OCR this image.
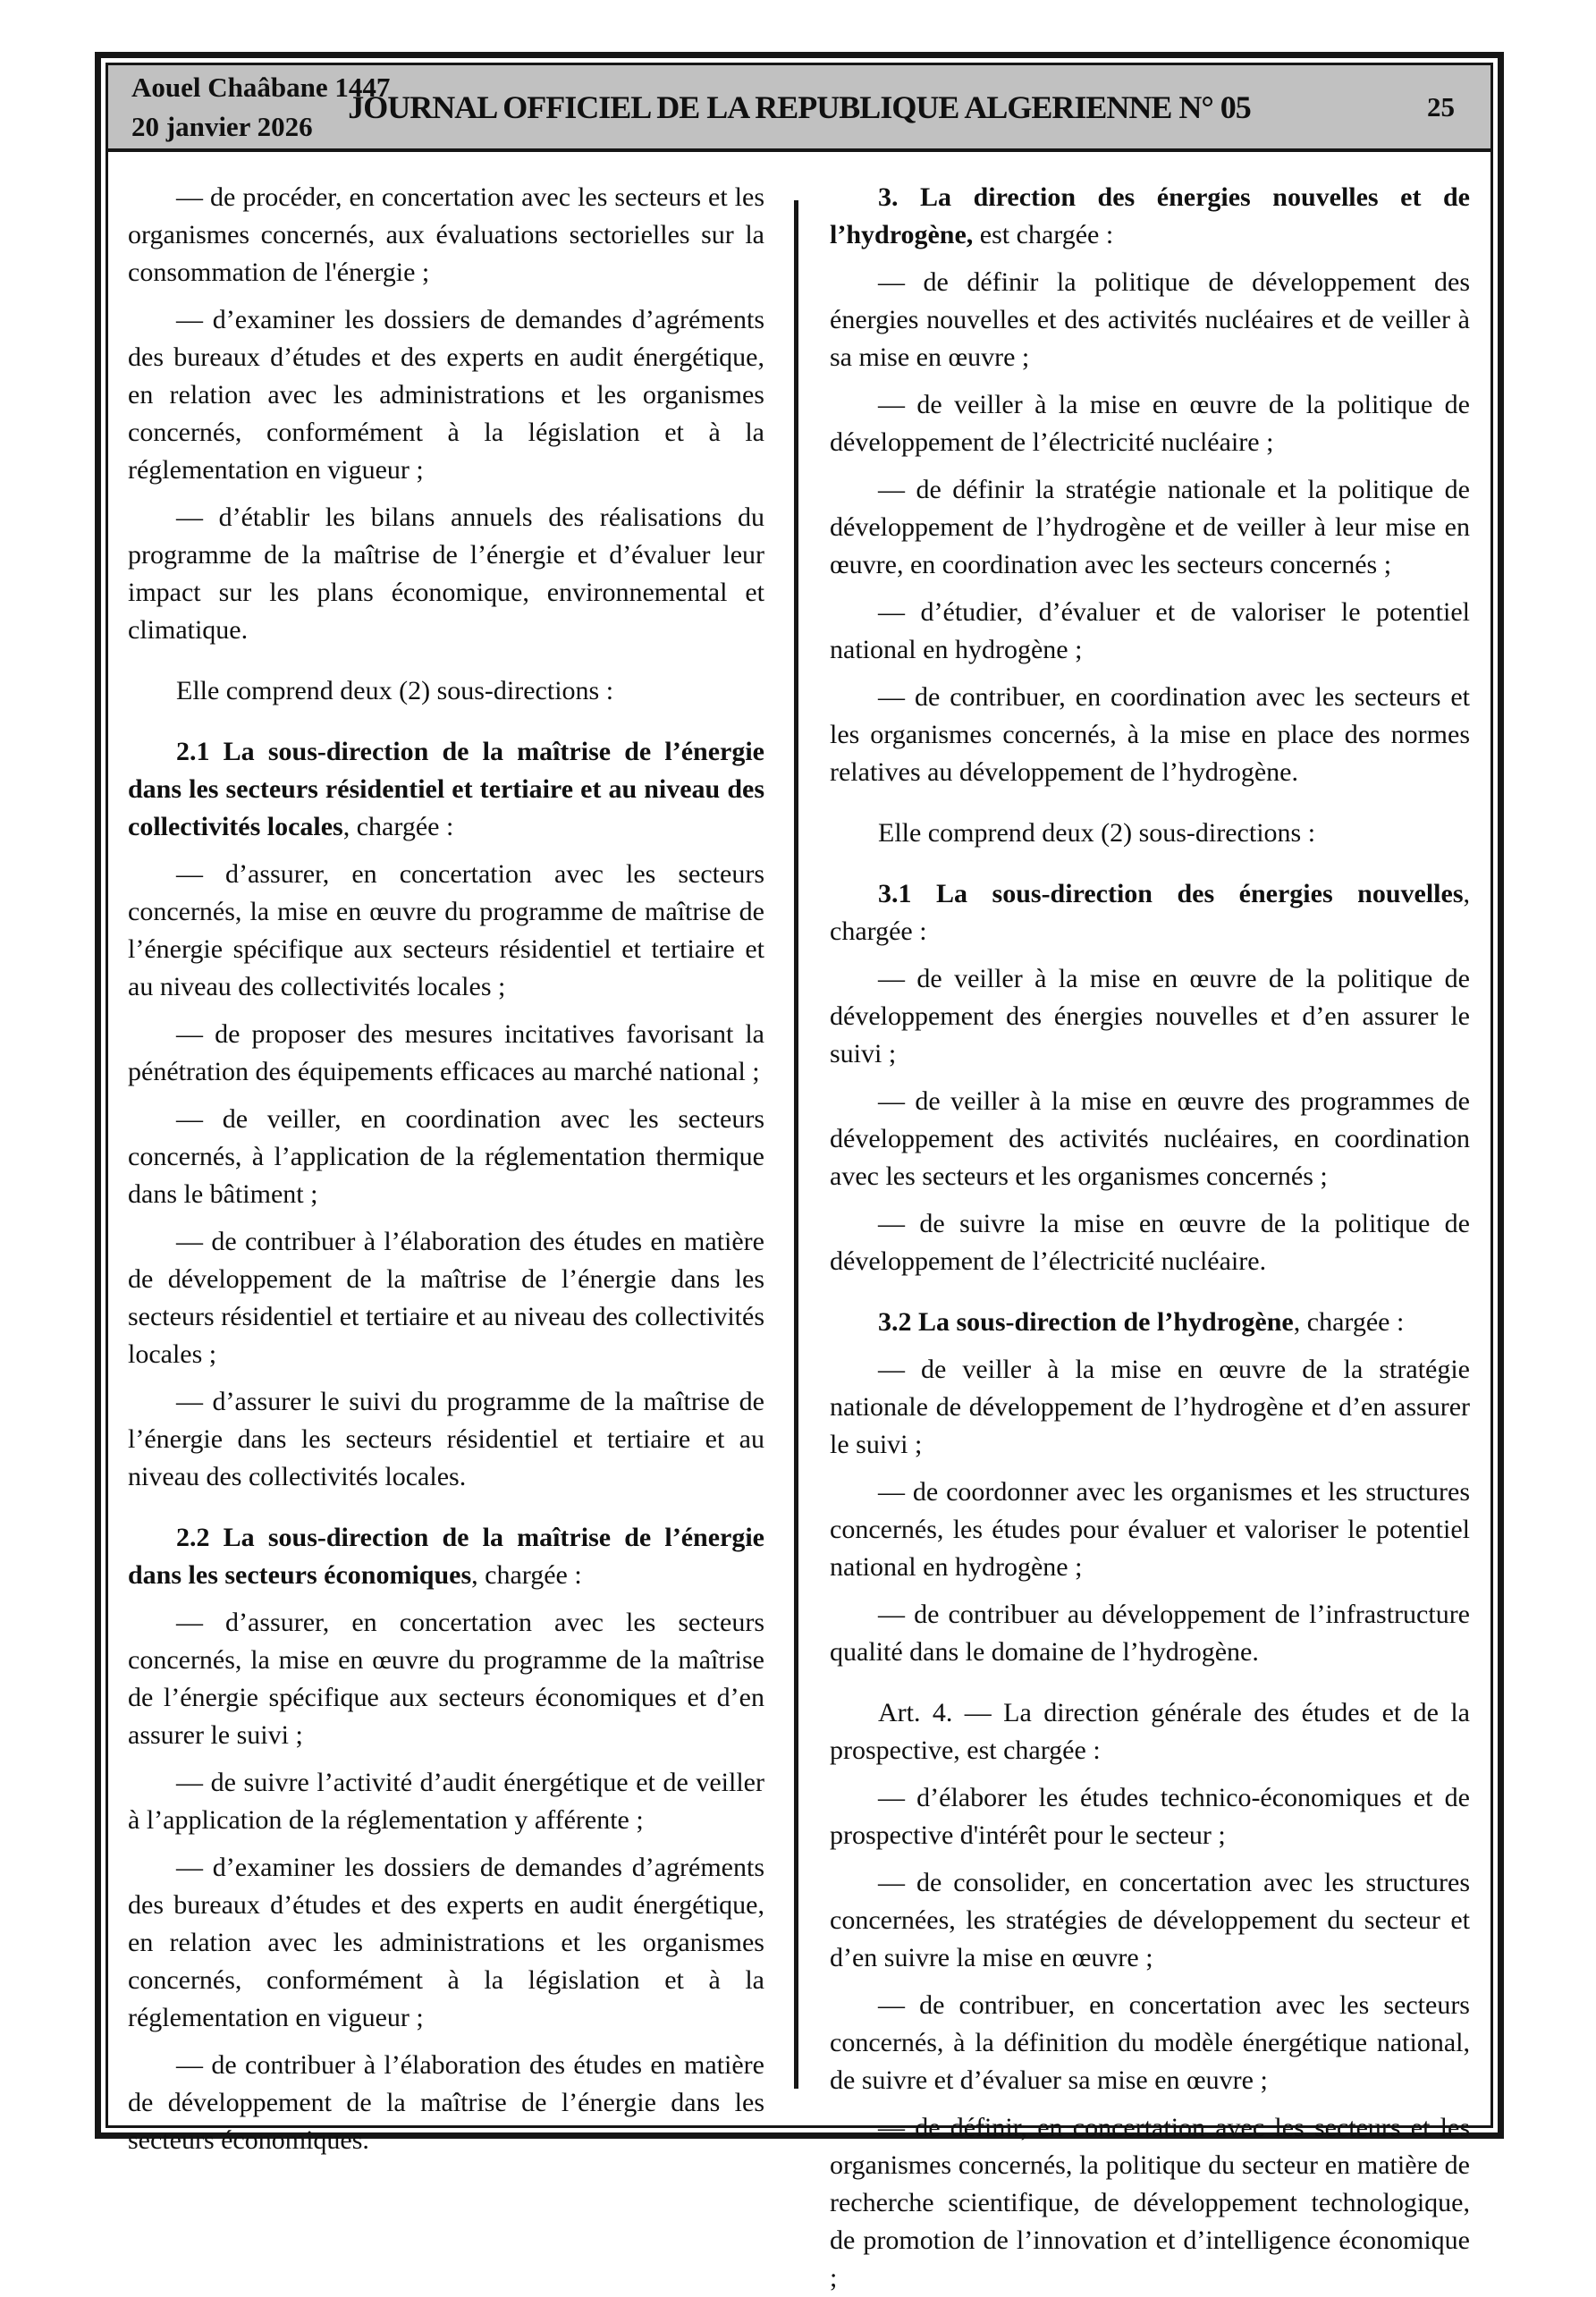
Aouel Chaâbane 1447
20 janvier 2026
JOURNAL OFFICIEL DE LA REPUBLIQUE ALGERIENNE N° 05	25

— de procéder, en concertation avec les secteurs et les organismes concernés, aux évaluations sectorielles sur la consommation de l'énergie ;

— d’examiner les dossiers de demandes d’agréments des bureaux d’études et des experts en audit énergétique, en relation avec les administrations et les organismes concernés, conformément à la législation et à la réglementation en vigueur ;

— d’établir les bilans annuels des réalisations du programme de la maîtrise de l’énergie et d’évaluer leur impact sur les plans économique, environnemental et climatique.

Elle comprend deux (2) sous-directions :

2.1 La sous-direction de la maîtrise de l’énergie dans les secteurs résidentiel et tertiaire et au niveau des collectivités locales, chargée :

— d’assurer, en concertation avec les secteurs concernés, la mise en œuvre du programme de maîtrise de l’énergie spécifique aux secteurs résidentiel et tertiaire et au niveau des collectivités locales ;

— de proposer des mesures incitatives favorisant la pénétration des équipements efficaces au marché national ;

— de veiller, en coordination avec les secteurs concernés, à l’application de la réglementation thermique dans le bâtiment ;

— de contribuer à l’élaboration des études en matière de développement de la maîtrise de l’énergie dans les secteurs résidentiel et tertiaire et au niveau des collectivités locales ;

— d’assurer le suivi du programme de la maîtrise de l’énergie dans les secteurs résidentiel et tertiaire et au niveau des collectivités locales.

2.2 La sous-direction de la maîtrise de l’énergie dans les secteurs économiques, chargée :

— d’assurer, en concertation avec les secteurs concernés, la mise en œuvre du programme de la maîtrise de l’énergie spécifique aux secteurs économiques et d’en assurer le suivi ;

— de suivre l’activité d’audit énergétique et de veiller à l’application de la réglementation y afférente ;

— d’examiner les dossiers de demandes d’agréments des bureaux d’études et des experts en audit énergétique, en relation avec les administrations et les organismes concernés, conformément à la législation et à la réglementation en vigueur ;

— de contribuer à l’élaboration des études en matière de développement de la maîtrise de l’énergie dans les secteurs économiques.

3. La direction des énergies nouvelles et de l’hydrogène, est chargée :

— de définir la politique de développement des énergies nouvelles et des activités nucléaires et de veiller à sa mise en œuvre ;

— de veiller à la mise en œuvre de la politique de développement de l’électricité nucléaire ;

— de définir la stratégie nationale et la politique de développement de l’hydrogène et de veiller à leur mise en œuvre, en coordination avec les secteurs concernés ;

— d’étudier, d’évaluer et de valoriser le potentiel national en hydrogène ;

— de contribuer, en coordination avec les secteurs et les organismes concernés, à la mise en place des normes relatives au développement de l’hydrogène.

Elle comprend deux (2) sous-directions :

3.1 La sous-direction des énergies nouvelles, chargée :

— de veiller à la mise en œuvre de la politique de développement des énergies nouvelles et d’en assurer le suivi ;

— de veiller à la mise en œuvre des programmes de développement des activités nucléaires, en coordination avec les secteurs et les organismes concernés ;

— de suivre la mise en œuvre de la politique de développement de l’électricité nucléaire.

3.2 La sous-direction de l’hydrogène, chargée :

— de veiller à la mise en œuvre de la stratégie nationale de développement de l’hydrogène et d’en assurer le suivi ;

— de coordonner avec les organismes et les structures concernés, les études pour évaluer et valoriser le potentiel national en hydrogène ;

— de contribuer au développement de l’infrastructure qualité dans le domaine de l’hydrogène.

Art. 4. — La direction générale des études et de la prospective, est chargée :

— d’élaborer les études technico-économiques et de prospective d'intérêt pour le secteur ;

— de consolider, en concertation avec les structures concernées, les stratégies de développement du secteur et d’en suivre la mise en œuvre ;

— de contribuer, en concertation avec les secteurs concernés, à la définition du modèle énergétique national, de suivre et d’évaluer sa mise en œuvre ;

— de définir, en concertation avec les secteurs et les organismes concernés, la politique du secteur en matière de recherche scientifique, de développement technologique, de promotion de l’innovation et d’intelligence économique ;
